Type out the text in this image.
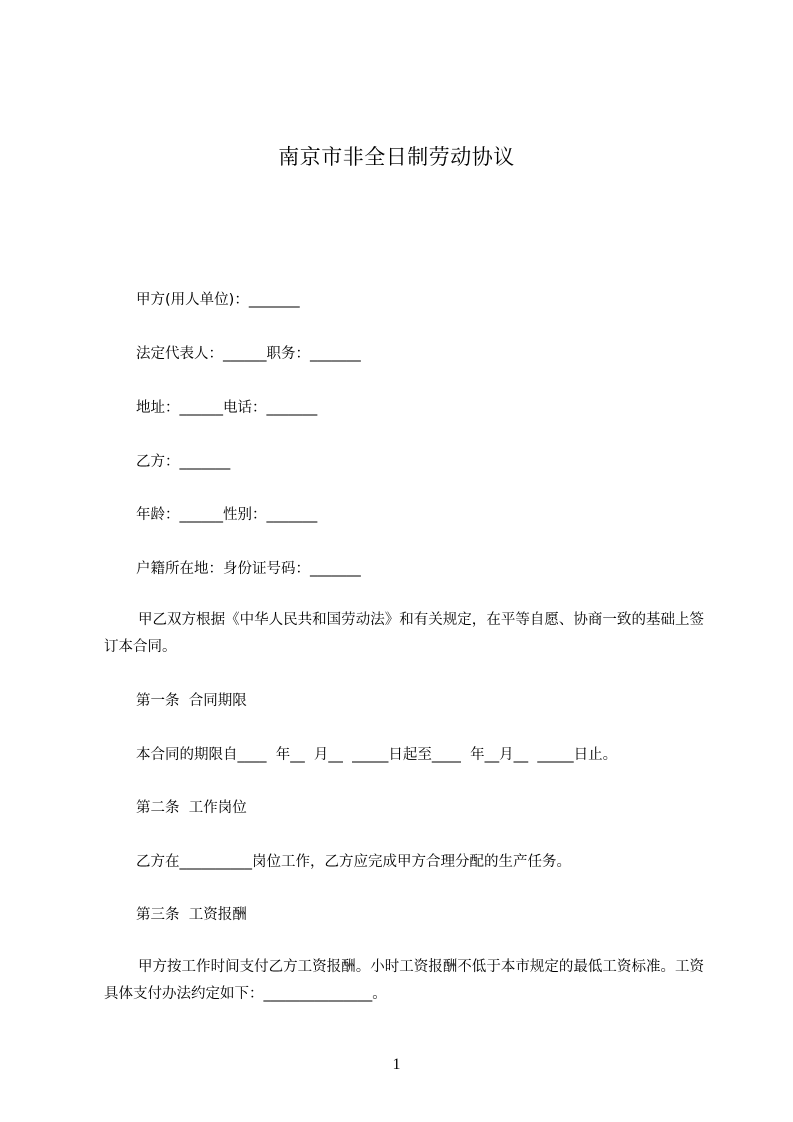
南京市非全日制劳动协议
甲方(用人单位)：_______
法定代表人：______职务：_______
地址：______电话：_______
乙方：_______
年龄：______性别：_______
户籍所在地：身份证号码：_______
甲乙双方根据《中华人民共和国劳动法》和有关规定，在平等自愿、协商一致的基础上签订本合同。
第一条  合同期限
本合同的期限自____  年__  月__  _____日起至____  年__月__  _____日止。
第二条  工作岗位
乙方在__________岗位工作，乙方应完成甲方合理分配的生产任务。
第三条  工资报酬
甲方按工作时间支付乙方工资报酬。小时工资报酬不低于本市规定的最低工资标准。工资具体支付办法约定如下：_______________。
1
